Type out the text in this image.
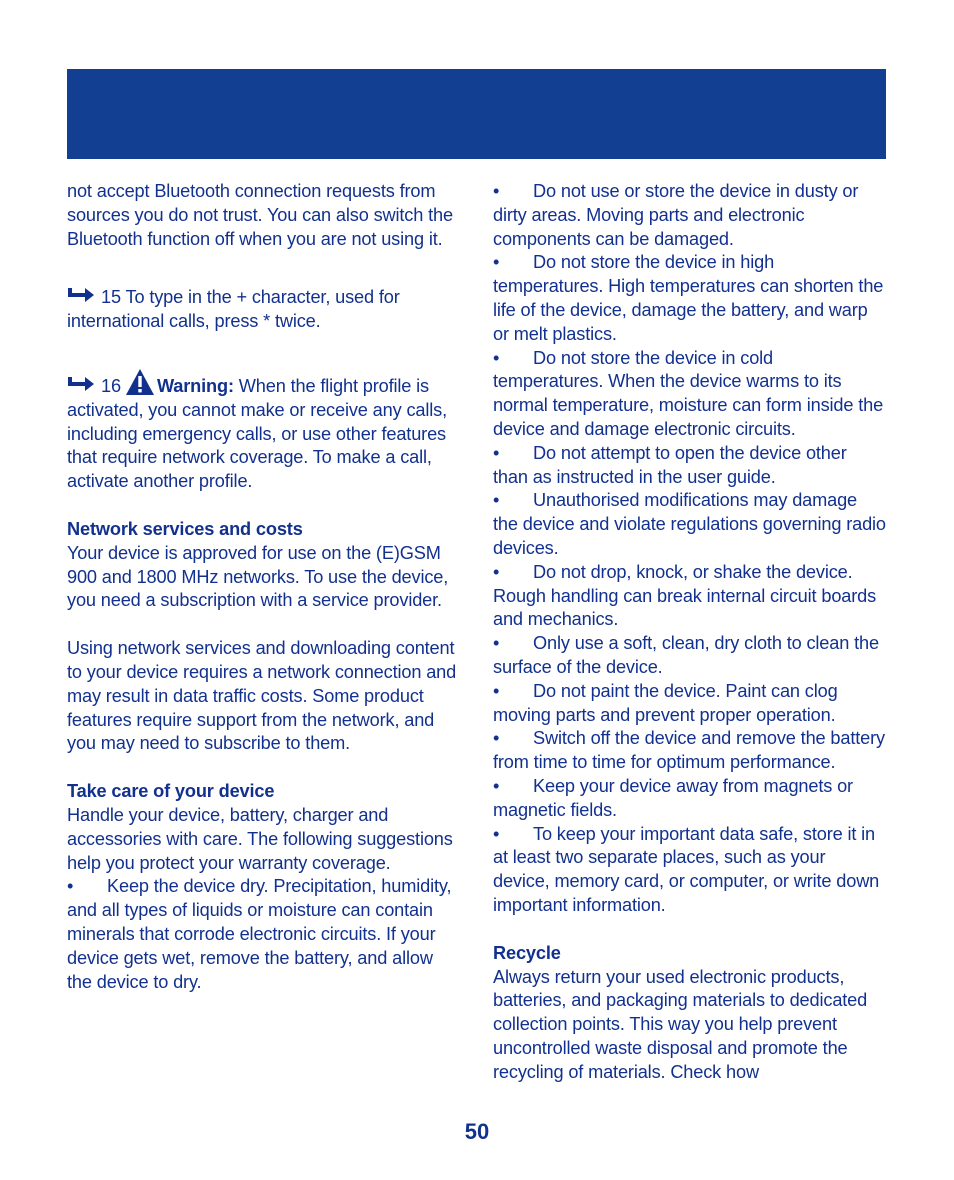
not accept Bluetooth connection requests from sources you do not trust. You can also switch the Bluetooth function off when you are not using it.

15 To type in the + character, used for international calls, press * twice.

16 Warning: When the flight profile is activated, you cannot make or receive any calls, including emergency calls, or use other features that require network coverage. To make a call, activate another profile.

Network services and costs

Your device is approved for use on the (E)GSM 900 and 1800 MHz networks. To use the device, you need a subscription with a service provider.

Using network services and downloading content to your device requires a network connection and may result in data traffic costs. Some product features require support from the network, and you may need to subscribe to them.

Take care of your device

Handle your device, battery, charger and accessories with care. The following suggestions help you protect your warranty coverage.

• Keep the device dry. Precipitation, humidity, and all types of liquids or moisture can contain minerals that corrode electronic circuits. If your device gets wet, remove the battery, and allow the device to dry.

• Do not use or store the device in dusty or dirty areas. Moving parts and electronic components can be damaged.

• Do not store the device in high temperatures. High temperatures can shorten the life of the device, damage the battery, and warp or melt plastics.

• Do not store the device in cold temperatures. When the device warms to its normal temperature, moisture can form inside the device and damage electronic circuits.

• Do not attempt to open the device other than as instructed in the user guide.

• Unauthorised modifications may damage the device and violate regulations governing radio devices.

• Do not drop, knock, or shake the device. Rough handling can break internal circuit boards and mechanics.

• Only use a soft, clean, dry cloth to clean the surface of the device.

• Do not paint the device. Paint can clog moving parts and prevent proper operation.

• Switch off the device and remove the battery from time to time for optimum performance.

• Keep your device away from magnets or magnetic fields.

• To keep your important data safe, store it in at least two separate places, such as your device, memory card, or computer, or write down important information.

Recycle

Always return your used electronic products, batteries, and packaging materials to dedicated collection points. This way you help prevent uncontrolled waste disposal and promote the recycling of materials. Check how

50
